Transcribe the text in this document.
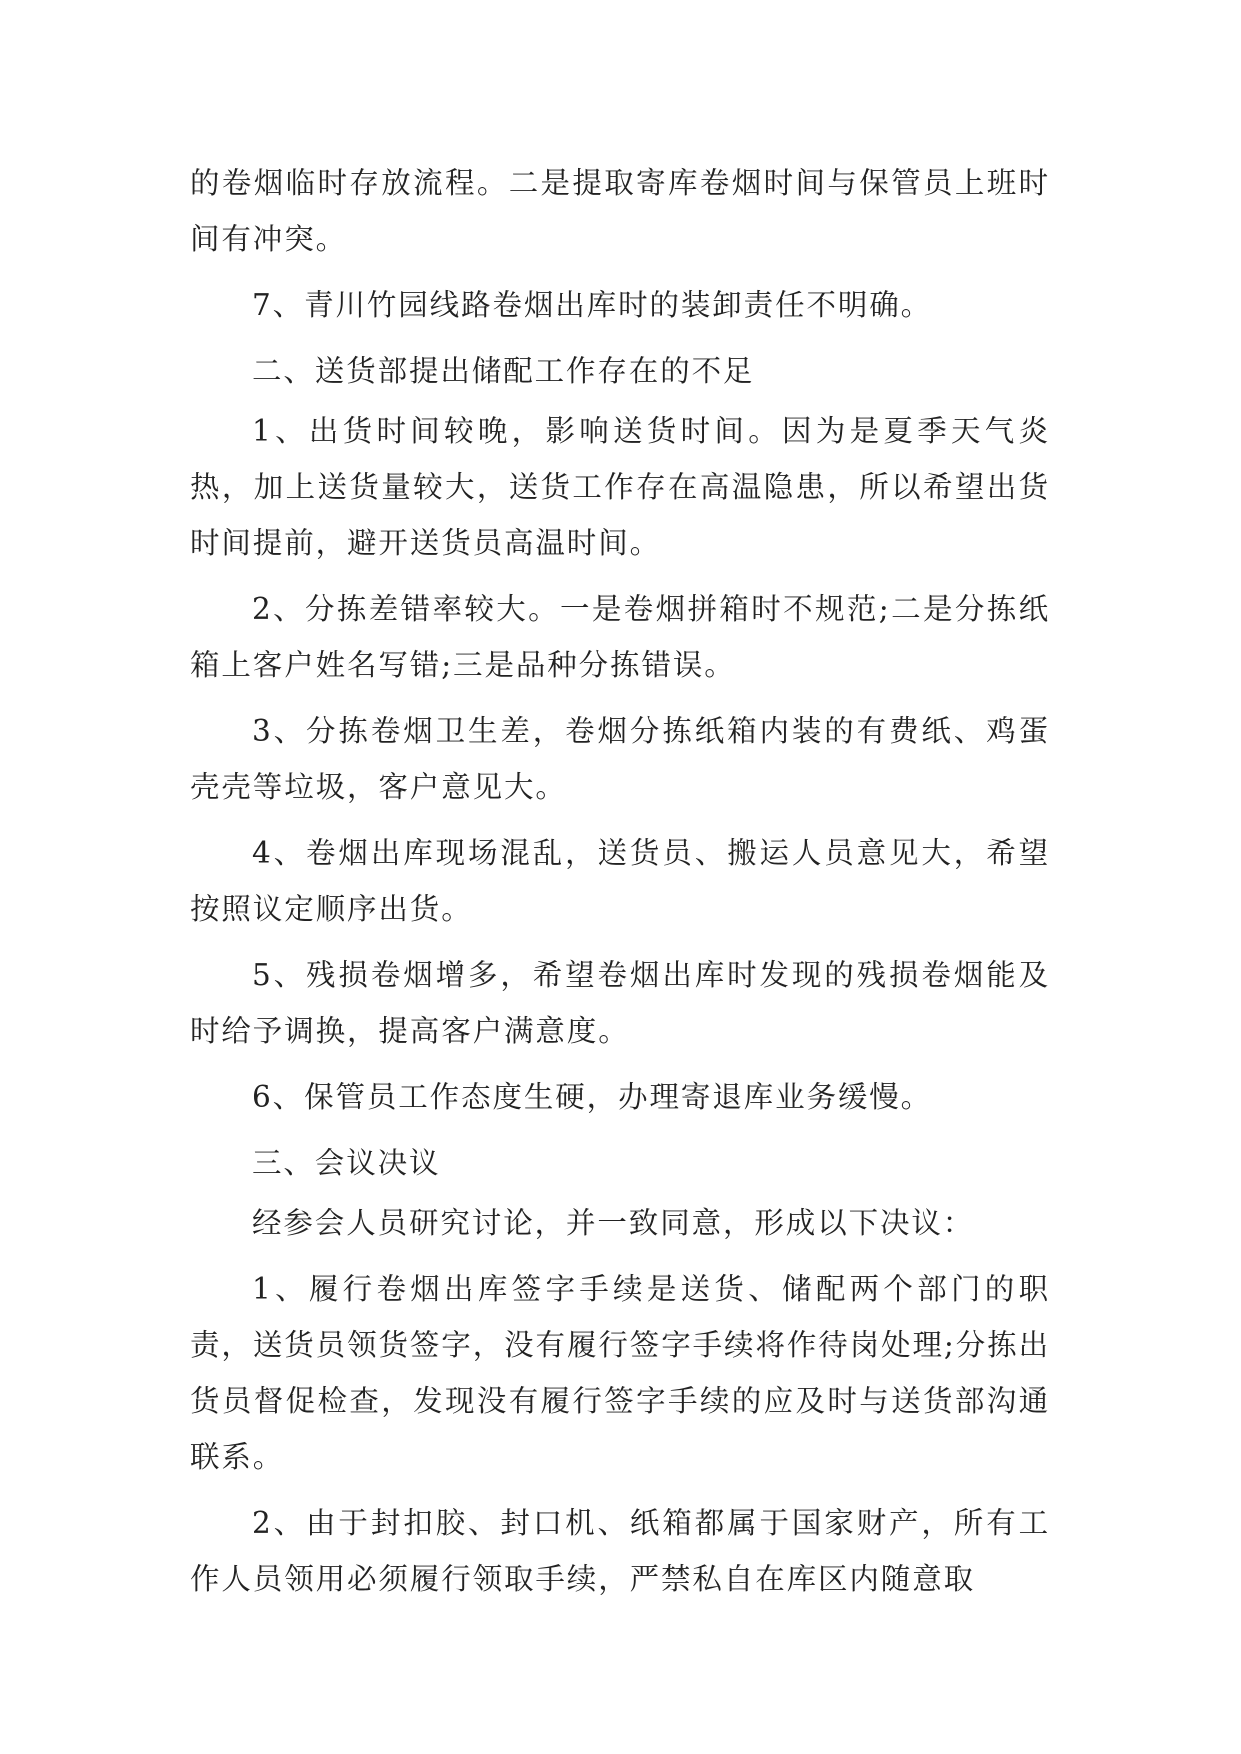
的卷烟临时存放流程。二是提取寄库卷烟时间与保管员上班时间有冲突。

7、青川竹园线路卷烟出库时的装卸责任不明确。

二、送货部提出储配工作存在的不足

1、出货时间较晚，影响送货时间。因为是夏季天气炎热，加上送货量较大，送货工作存在高温隐患，所以希望出货时间提前，避开送货员高温时间。

2、分拣差错率较大。一是卷烟拼箱时不规范;二是分拣纸箱上客户姓名写错;三是品种分拣错误。

3、分拣卷烟卫生差，卷烟分拣纸箱内装的有费纸、鸡蛋壳壳等垃圾，客户意见大。

4、卷烟出库现场混乱，送货员、搬运人员意见大，希望按照议定顺序出货。

5、残损卷烟增多，希望卷烟出库时发现的残损卷烟能及时给予调换，提高客户满意度。

6、保管员工作态度生硬，办理寄退库业务缓慢。

三、会议决议

经参会人员研究讨论，并一致同意，形成以下决议：

1、履行卷烟出库签字手续是送货、储配两个部门的职责，送货员领货签字，没有履行签字手续将作待岗处理;分拣出货员督促检查，发现没有履行签字手续的应及时与送货部沟通联系。

2、由于封扣胶、封口机、纸箱都属于国家财产，所有工作人员领用必须履行领取手续，严禁私自在库区内随意取
